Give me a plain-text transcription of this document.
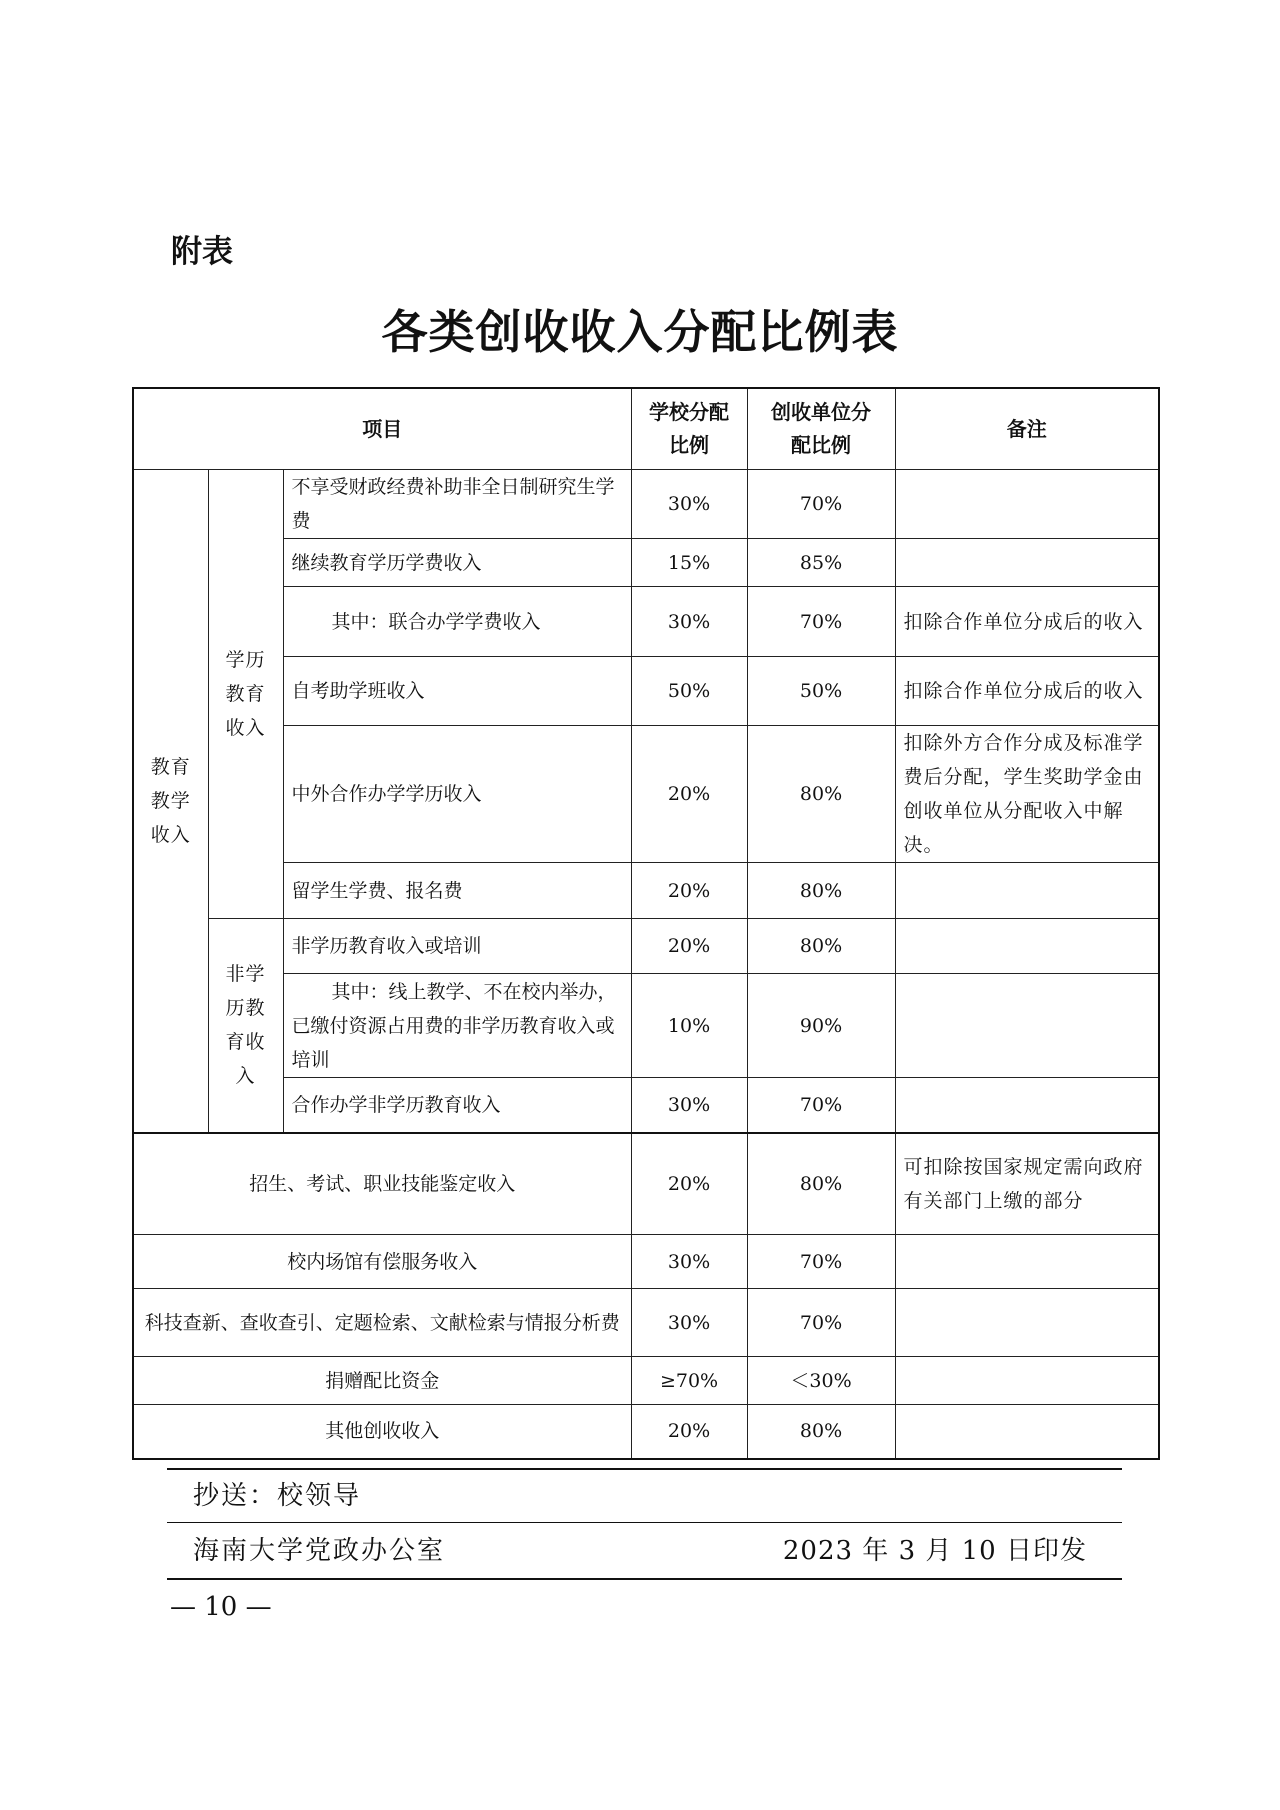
附表
各类创收收入分配比例表
项目			学校分配比例	创收单位分配比例	备注
教育教学收入	学历教育收入	不享受财政经费补助非全日制研究生学费	30%	70%	
		继续教育学历学费收入	15%	85%	
		其中：联合办学学费收入	30%	70%	扣除合作单位分成后的收入
		自考助学班收入	50%	50%	扣除合作单位分成后的收入
		中外合作办学学历收入	20%	80%	扣除外方合作分成及标准学费后分配，学生奖助学金由创收单位从分配收入中解决。
		留学生学费、报名费	20%	80%	
	非学历教育收入	非学历教育收入或培训	20%	80%	

		其中：线上教学、不在校内举办，已缴付资源占用费的非学历教育收入或培训	10%	90%	
		合作办学非学历教育收入	30%	70%	
招生、考试、职业技能鉴定收入			20%	80%	可扣除按国家规定需向政府有关部门上缴的部分
校内场馆有偿服务收入			30%	70%	
科技查新、查收查引、定题检索、文献检索与情报分析费			30%	70%	
捐赠配比资金			≥70%	＜30%	
其他创收收入			20%	80%	
抄送：校领导
海南大学党政办公室	2023 年 3 月 10 日印发
— 10 —
